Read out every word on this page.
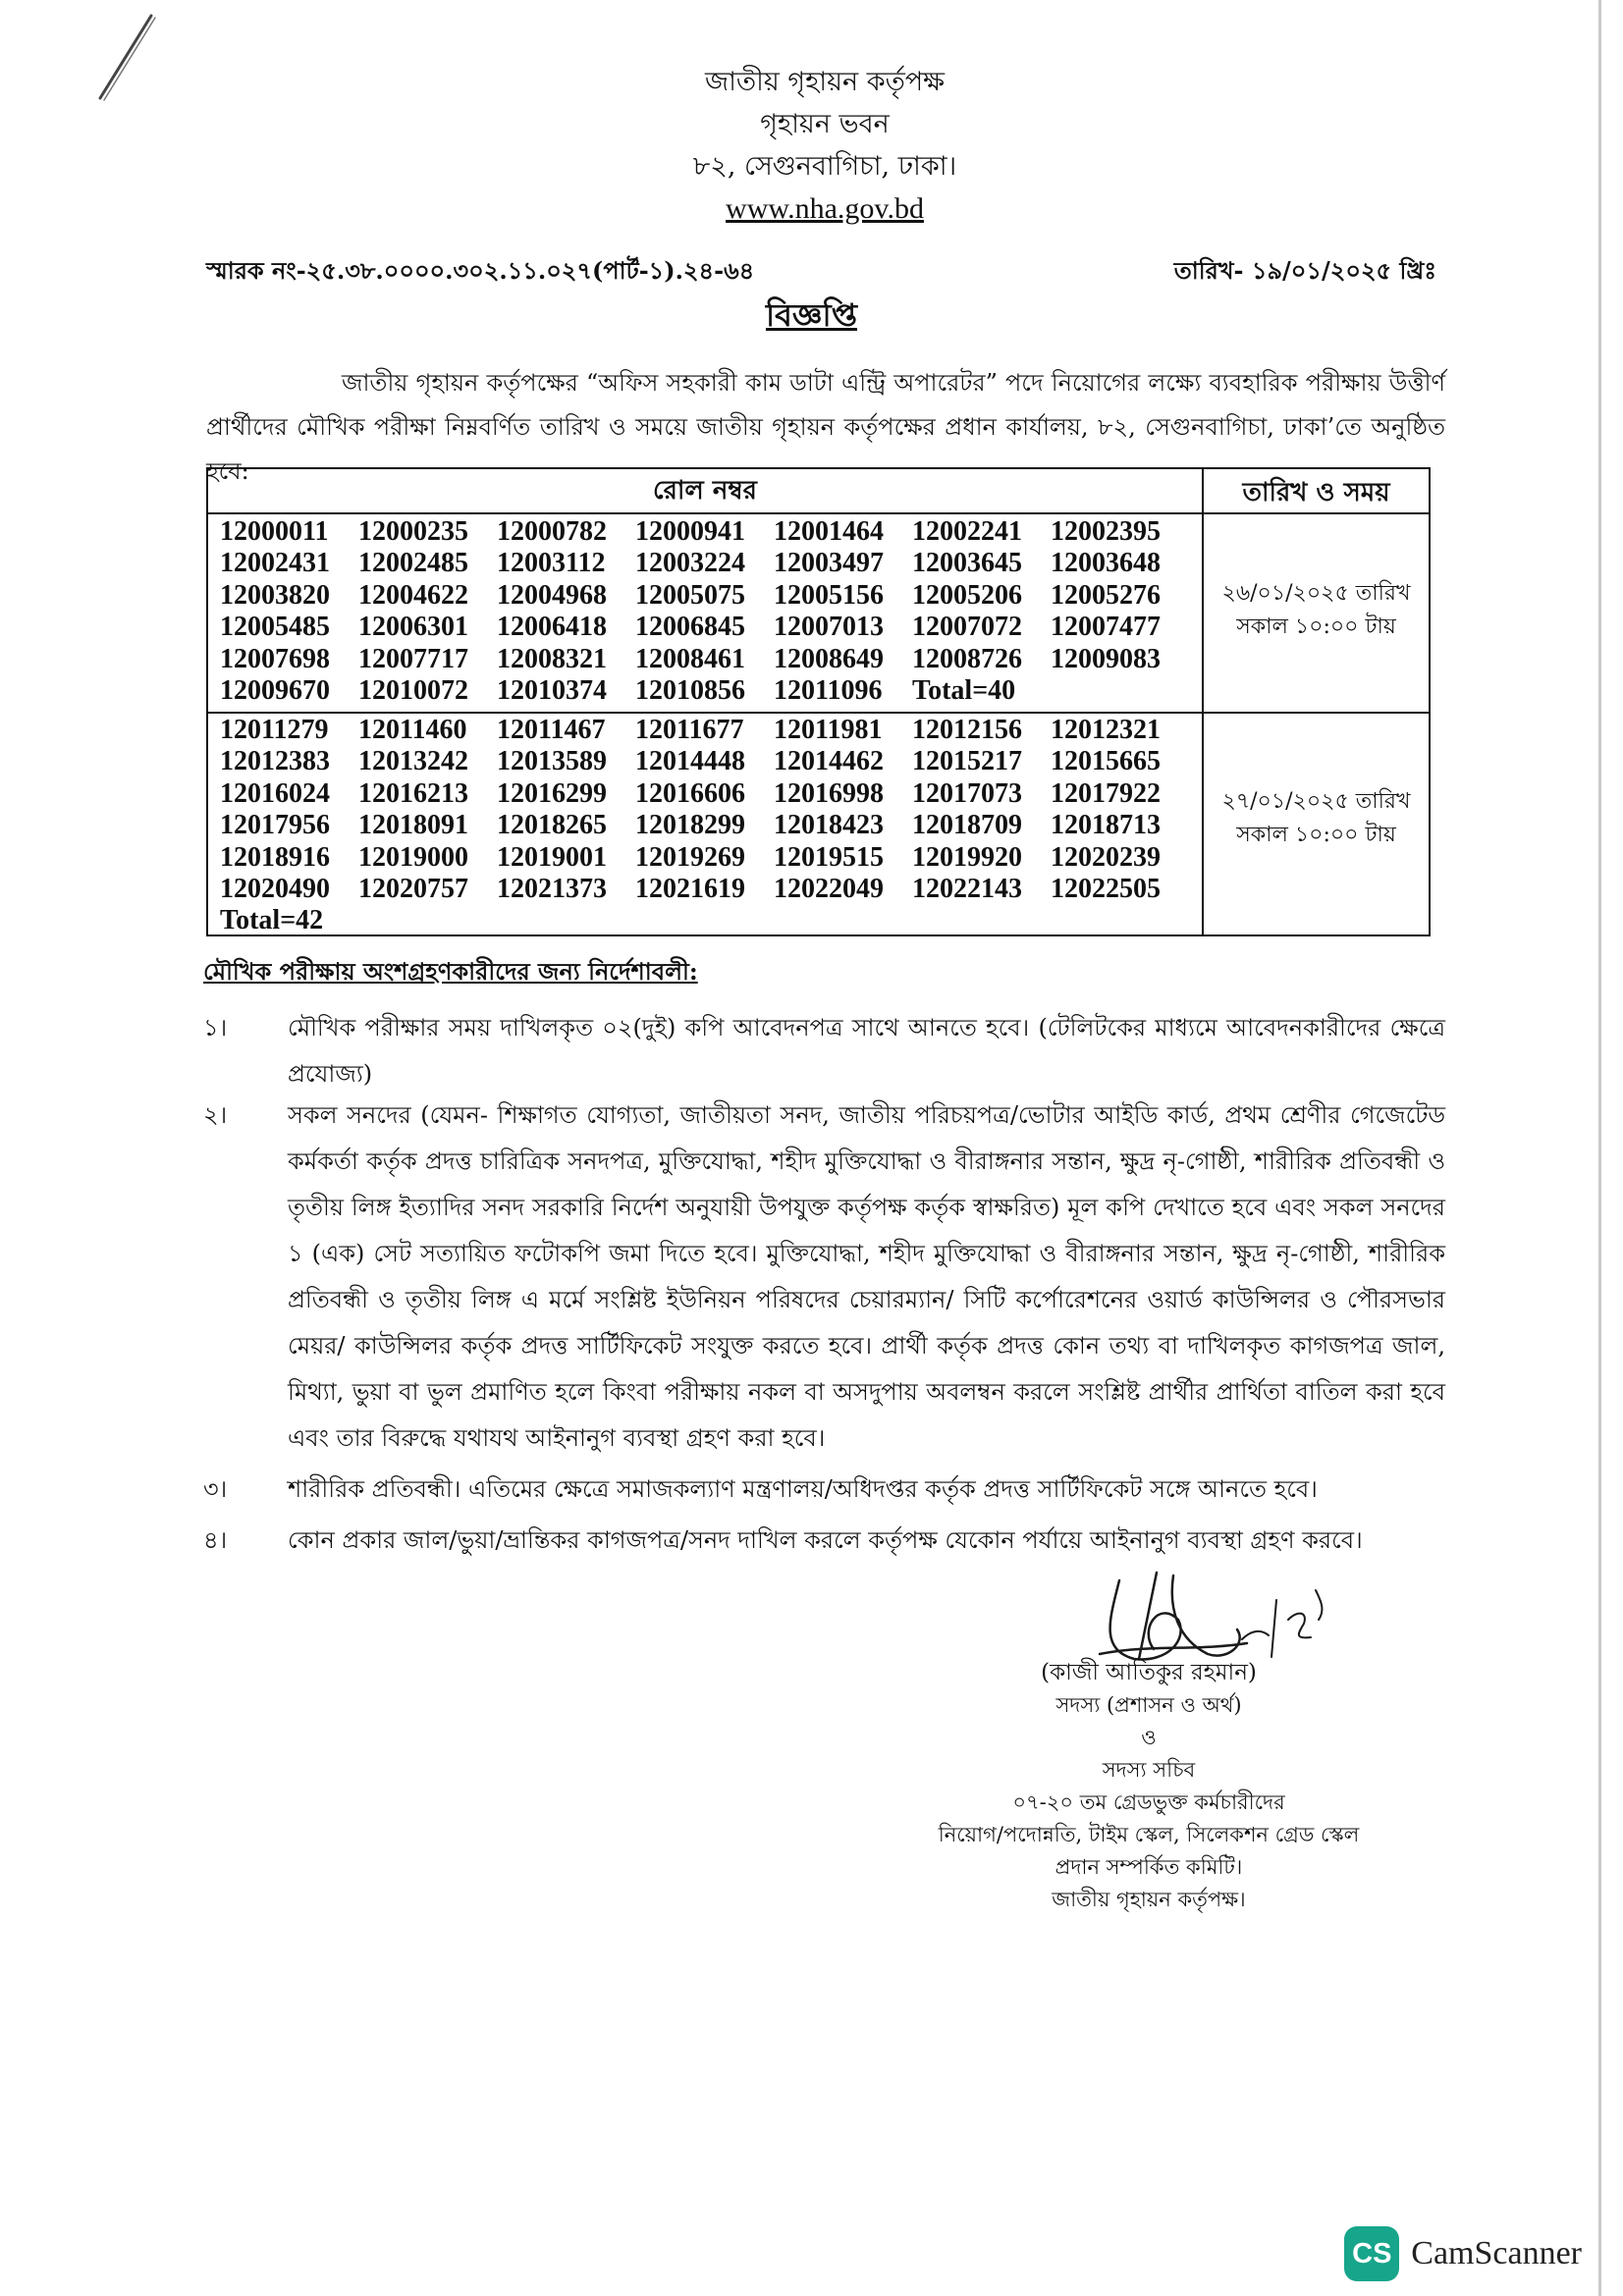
জাতীয় গৃহায়ন কর্তৃপক্ষ
গৃহায়ন ভবন
৮২, সেগুনবাগিচা, ঢাকা।
www.nha.gov.bd
স্মারক নং-২৫.৩৮.০০০০.৩০২.১১.০২৭(পার্ট-১).২৪-৬৪	তারিখ- ১৯/০১/২০২৫ খ্রিঃ
বিজ্ঞপ্তি
জাতীয় গৃহায়ন কর্তৃপক্ষের “অফিস সহকারী কাম ডাটা এন্ট্রি অপারেটর” পদে নিয়োগের লক্ষ্যে ব্যবহারিক পরীক্ষায় উত্তীর্ণ প্রার্থীদের মৌখিক পরীক্ষা নিম্নবর্ণিত তারিখ ও সময়ে জাতীয় গৃহায়ন কর্তৃপক্ষের প্রধান কার্যালয়, ৮২, সেগুনবাগিচা, ঢাকা’তে অনুষ্ঠিত হবে:
রোল নম্বর	তারিখ ও সময়
12000011 12000235 12000782 12000941 12001464 12002241 12002395
12002431 12002485 12003112 12003224 12003497 12003645 12003648
12003820 12004622 12004968 12005075 12005156 12005206 12005276
12005485 12006301 12006418 12006845 12007013 12007072 12007477
12007698 12007717 12008321 12008461 12008649 12008726 12009083
12009670 12010072 12010374 12010856 12011096 Total=40
২৬/০১/২০২৫ তারিখ
সকাল ১০:০০ টায়
12011279 12011460 12011467 12011677 12011981 12012156 12012321
12012383 12013242 12013589 12014448 12014462 12015217 12015665
12016024 12016213 12016299 12016606 12016998 12017073 12017922
12017956 12018091 12018265 12018299 12018423 12018709 12018713
12018916 12019000 12019001 12019269 12019515 12019920 12020239
12020490 12020757 12021373 12021619 12022049 12022143 12022505
Total=42
২৭/০১/২০২৫ তারিখ
সকাল ১০:০০ টায়
মৌখিক পরীক্ষায় অংশগ্রহণকারীদের জন্য নির্দেশাবলী:
১।	মৌখিক পরীক্ষার সময় দাখিলকৃত ০২(দুই) কপি আবেদনপত্র সাথে আনতে হবে। (টেলিটকের মাধ্যমে আবেদনকারীদের ক্ষেত্রে প্রযোজ্য)
২।	সকল সনদের (যেমন- শিক্ষাগত যোগ্যতা, জাতীয়তা সনদ, জাতীয় পরিচয়পত্র/ভোটার আইডি কার্ড, প্রথম শ্রেণীর গেজেটেড কর্মকর্তা কর্তৃক প্রদত্ত চারিত্রিক সনদপত্র, মুক্তিযোদ্ধা, শহীদ মুক্তিযোদ্ধা ও বীরাঙ্গনার সন্তান, ক্ষুদ্র নৃ-গোষ্ঠী, শারীরিক প্রতিবন্ধী ও তৃতীয় লিঙ্গ ইত্যাদির সনদ সরকারি নির্দেশ অনুযায়ী উপযুক্ত কর্তৃপক্ষ কর্তৃক স্বাক্ষরিত) মূল কপি দেখাতে হবে এবং সকল সনদের ১ (এক) সেট সত্যায়িত ফটোকপি জমা দিতে হবে। মুক্তিযোদ্ধা, শহীদ মুক্তিযোদ্ধা ও বীরাঙ্গনার সন্তান, ক্ষুদ্র নৃ-গোষ্ঠী, শারীরিক প্রতিবন্ধী ও তৃতীয় লিঙ্গ এ মর্মে সংশ্লিষ্ট ইউনিয়ন পরিষদের চেয়ারম্যান/ সিটি কর্পোরেশনের ওয়ার্ড কাউন্সিলর ও পৌরসভার মেয়র/ কাউন্সিলর কর্তৃক প্রদত্ত সার্টিফিকেট সংযুক্ত করতে হবে। প্রার্থী কর্তৃক প্রদত্ত কোন তথ্য বা দাখিলকৃত কাগজপত্র জাল, মিথ্যা, ভুয়া বা ভুল প্রমাণিত হলে কিংবা পরীক্ষায় নকল বা অসদুপায় অবলম্বন করলে সংশ্লিষ্ট প্রার্থীর প্রার্থিতা বাতিল করা হবে এবং তার বিরুদ্ধে যথাযথ আইনানুগ ব্যবস্থা গ্রহণ করা হবে।
৩।	শারীরিক প্রতিবন্ধী। এতিমের ক্ষেত্রে সমাজকল্যাণ মন্ত্রণালয়/অধিদপ্তর কর্তৃক প্রদত্ত সার্টিফিকেট সঙ্গে আনতে হবে।
৪।	কোন প্রকার জাল/ভুয়া/ভ্রান্তিকর কাগজপত্র/সনদ দাখিল করলে কর্তৃপক্ষ যেকোন পর্যায়ে আইনানুগ ব্যবস্থা গ্রহণ করবে।
(কাজী আতিকুর রহমান)
সদস্য (প্রশাসন ও অর্থ)
ও
সদস্য সচিব
০৭-২০ তম গ্রেডভুক্ত কর্মচারীদের
নিয়োগ/পদোন্নতি, টাইম স্কেল, সিলেকশন গ্রেড স্কেল
প্রদান সম্পর্কিত কমিটি।
জাতীয় গৃহায়ন কর্তৃপক্ষ।
CS CamScanner
